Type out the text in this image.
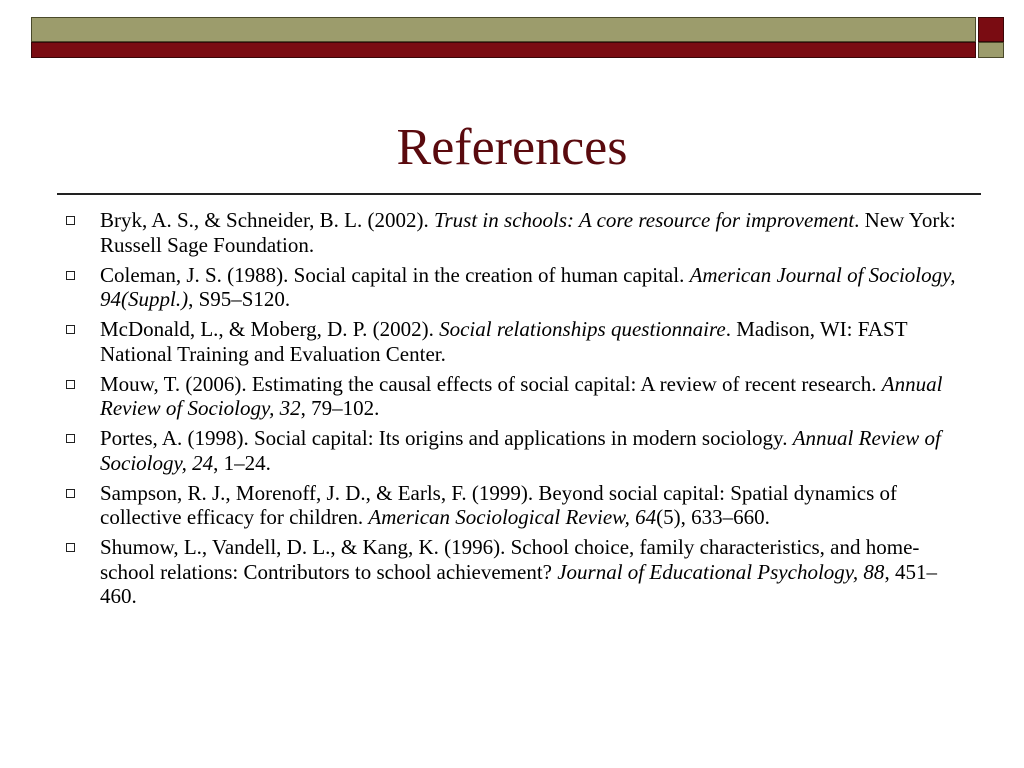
References
Bryk, A. S., & Schneider, B. L. (2002). Trust in schools: A core resource for improvement. New York: Russell Sage Foundation.
Coleman, J. S. (1988). Social capital in the creation of human capital. American Journal of Sociology, 94(Suppl.), S95–S120.
McDonald, L., & Moberg, D. P. (2002). Social relationships questionnaire. Madison, WI: FAST National Training and Evaluation Center.
Mouw, T. (2006). Estimating the causal effects of social capital: A review of recent research. Annual Review of Sociology, 32, 79–102.
Portes, A. (1998). Social capital: Its origins and applications in modern sociology. Annual Review of Sociology, 24, 1–24.
Sampson, R. J., Morenoff, J. D., & Earls, F. (1999). Beyond social capital: Spatial dynamics of collective efficacy for children. American Sociological Review, 64(5), 633–660.
Shumow, L., Vandell, D. L., & Kang, K. (1996). School choice, family characteristics, and home-school relations: Contributors to school achievement? Journal of Educational Psychology, 88, 451–460.
